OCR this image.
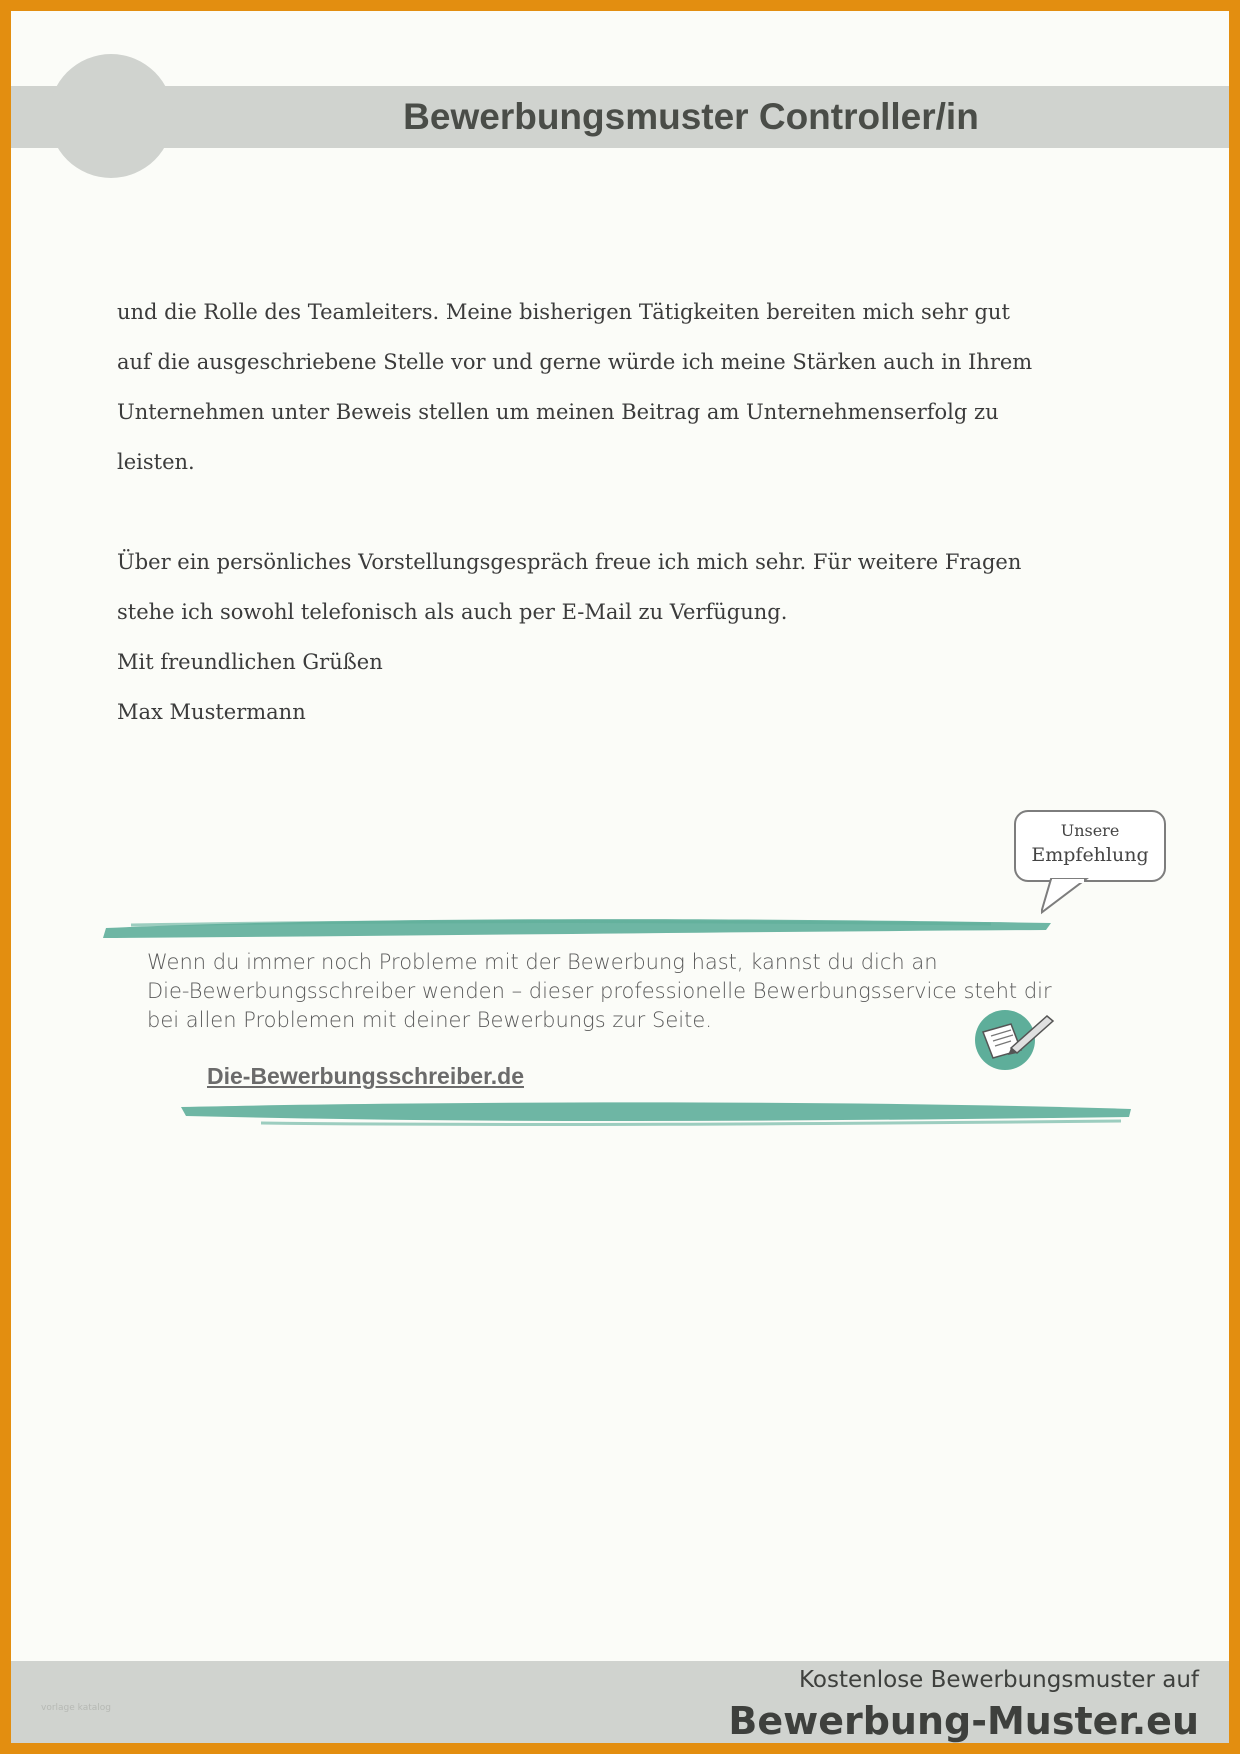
Bewerbungsmuster Controller/in

und die Rolle des Teamleiters. Meine bisherigen Tätigkeiten bereiten mich sehr gut

auf die ausgeschriebene Stelle vor und gerne würde ich meine Stärken auch in Ihrem

Unternehmen unter Beweis stellen um meinen Beitrag am Unternehmenserfolg zu

leisten.

Über ein persönliches Vorstellungsgespräch freue ich mich sehr. Für weitere Fragen

stehe ich sowohl telefonisch als auch per E-Mail zu Verfügung.

Mit freundlichen Grüßen

Max Mustermann

Unsere
Empfehlung
Wenn du immer noch Probleme mit der Bewerbung hast, kannst du dich an
Die-Bewerbungsschreiber wenden – dieser professionelle Bewerbungsservice steht dir
bei allen Problemen mit deiner Bewerbungs zur Seite.
Die-Bewerbungsschreiber.de
vorlage katalog
Kostenlose Bewerbungsmuster auf
Bewerbung-Muster.eu
